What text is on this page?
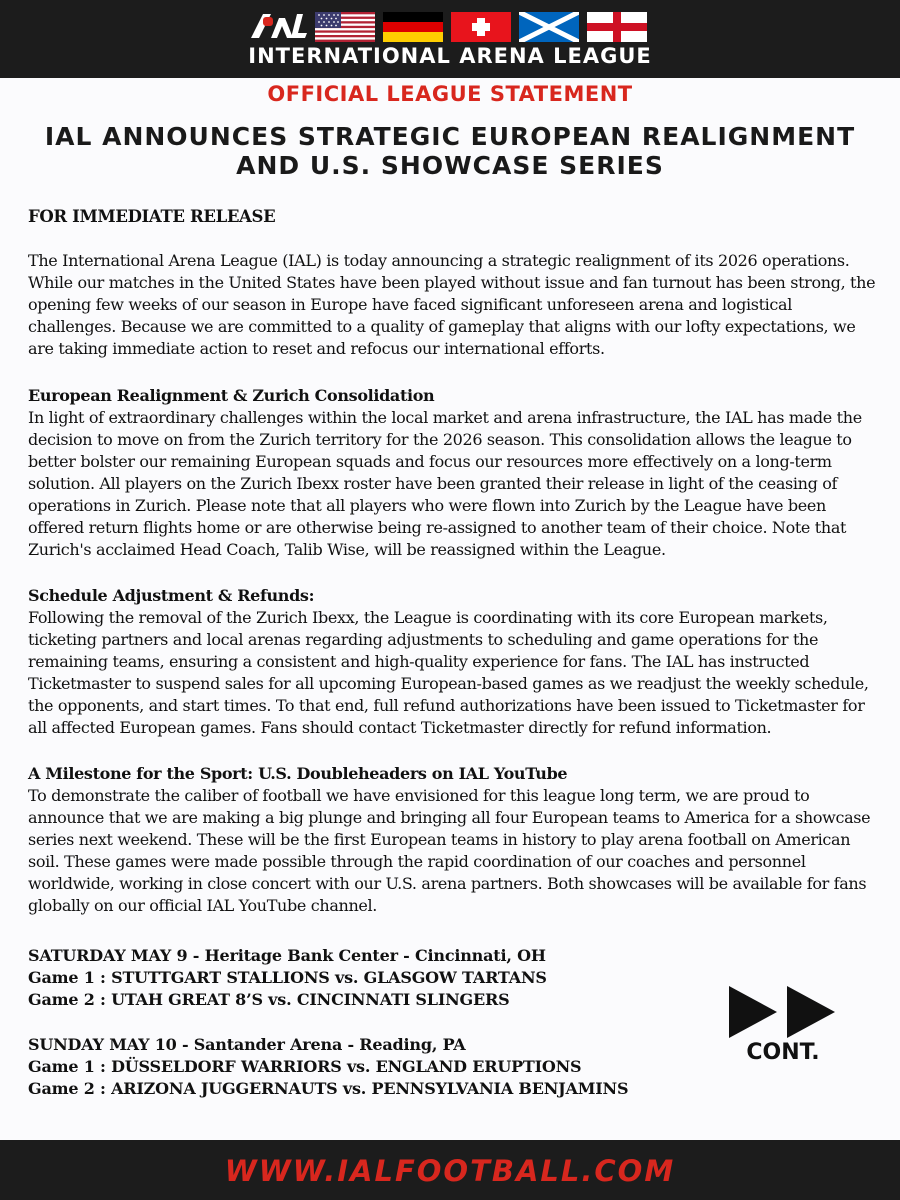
INTERNATIONAL ARENA LEAGUE
OFFICIAL LEAGUE STATEMENT
IAL ANNOUNCES STRATEGIC EUROPEAN REALIGNMENT
AND U.S. SHOWCASE SERIES
FOR IMMEDIATE RELEASE
The International Arena League (IAL) is today announcing a strategic realignment of its 2026 operations. While our matches in the United States have been played without issue and fan turnout has been strong, the opening few weeks of our season in Europe have faced significant unforeseen arena and logistical challenges. Because we are committed to a quality of gameplay that aligns with our lofty expectations, we are taking immediate action to reset and refocus our international efforts.
European Realignment & Zurich Consolidation
In light of extraordinary challenges within the local market and arena infrastructure, the IAL has made the decision to move on from the Zurich territory for the 2026 season. This consolidation allows the league to better bolster our remaining European squads and focus our resources more effectively on a long-term solution. All players on the Zurich Ibexx roster have been granted their release in light of the ceasing of operations in Zurich. Please note that all players who were flown into Zurich by the League have been offered return flights home or are otherwise being re-assigned to another team of their choice. Note that Zurich's acclaimed Head Coach, Talib Wise, will be reassigned within the League.
Schedule Adjustment & Refunds:
Following the removal of the Zurich Ibexx, the League is coordinating with its core European markets, ticketing partners and local arenas regarding adjustments to scheduling and game operations for the remaining teams, ensuring a consistent and high-quality experience for fans. The IAL has instructed Ticketmaster to suspend sales for all upcoming European-based games as we readjust the weekly schedule, the opponents, and start times. To that end, full refund authorizations have been issued to Ticketmaster for all affected European games. Fans should contact Ticketmaster directly for refund information.
A Milestone for the Sport: U.S. Doubleheaders on IAL YouTube
To demonstrate the caliber of football we have envisioned for this league long term, we are proud to announce that we are making a big plunge and bringing all four European teams to America for a showcase series next weekend. These will be the first European teams in history to play arena football on American soil. These games were made possible through the rapid coordination of our coaches and personnel worldwide, working in close concert with our U.S. arena partners. Both showcases will be available for fans globally on our official IAL YouTube channel.
SATURDAY MAY 9 - Heritage Bank Center - Cincinnati, OH
Game 1 : STUTTGART STALLIONS vs. GLASGOW TARTANS
Game 2 : UTAH GREAT 8’S vs. CINCINNATI SLINGERS
SUNDAY MAY 10 - Santander Arena - Reading, PA
Game 1 : DÜSSELDORF WARRIORS vs. ENGLAND ERUPTIONS
Game 2 : ARIZONA JUGGERNAUTS vs. PENNSYLVANIA BENJAMINS
CONT.
WWW.IALFOOTBALL.COM
